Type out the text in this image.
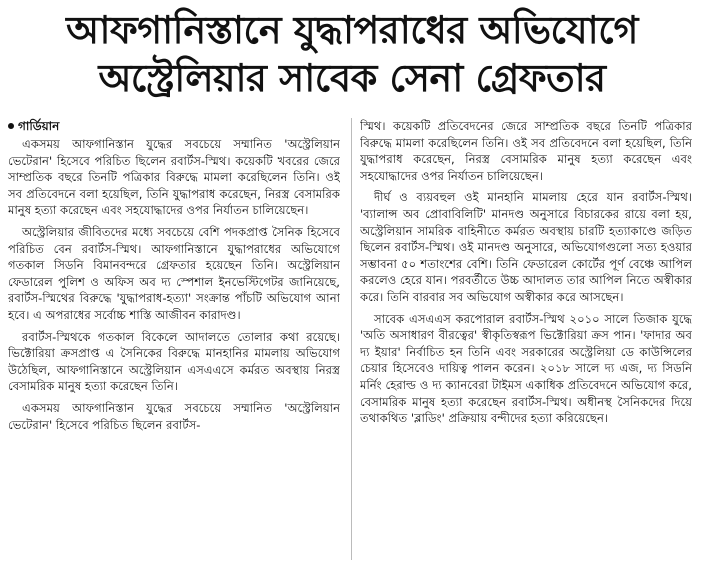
আফগানিস্তানে যুদ্ধাপরাধের অভিযোগে
অস্ট্রেলিয়ার সাবেক সেনা গ্রেফতার
গার্ডিয়ান

একসময় আফগানিস্তান যুদ্ধের সবচেয়ে সম্মানিত 'অস্ট্রেলিয়ান ভেটেরান' হিসেবে পরিচিত ছিলেন রবার্টস-স্মিথ। কয়েকটি খবরের জেরে সাম্প্রতিক বছরে তিনটি পত্রিকার বিরুদ্ধে মামলা করেছিলেন তিনি। ওই সব প্রতিবেদনে বলা হয়েছিল, তিনি যুদ্ধাপরাধ করেছেন, নিরস্ত্র বেসামরিক মানুষ হত্যা করেছেন এবং সহযোদ্ধাদের ওপর নির্যাতন চালিয়েছেন।

অস্ট্রেলিয়ার জীবিতদের মধ্যে সবচেয়ে বেশি পদকপ্রাপ্ত সৈনিক হিসেবে পরিচিত বেন রবার্টস-স্মিথ। আফগানিস্তানে যুদ্ধাপরাধের অভিযোগে গতকাল সিডনি বিমানবন্দরে গ্রেফতার হয়েছেন তিনি। অস্ট্রেলিয়ান ফেডারেল পুলিশ ও অফিস অব দ্য স্পেশাল ইনভেস্টিগেটর জানিয়েছে, রবার্টস-স্মিথের বিরুদ্ধে 'যুদ্ধাপরাধ-হত্যা' সংক্রান্ত পাঁচটি অভিযোগ আনা হবে। এ অপরাধের সর্বোচ্চ শাস্তি আজীবন কারাদণ্ড।

রবার্টস-স্মিথকে গতকাল বিকেলে আদালতে তোলার কথা রয়েছে। ভিক্টোরিয়া ক্রসপ্রাপ্ত এ সৈনিকের বিরুদ্ধে মানহানির মামলায় অভিযোগ উঠেছিল, আফগানিস্তানে অস্ট্রেলিয়ান এসএএসে কর্মরত অবস্থায় নিরস্ত্র বেসামরিক মানুষ হত্যা করেছেন তিনি।

একসময় আফগানিস্তান যুদ্ধের সবচেয়ে সম্মানিত 'অস্ট্রেলিয়ান ভেটেরান' হিসেবে পরিচিত ছিলেন রবার্টস-

স্মিথ। কয়েকটি প্রতিবেদনের জেরে সাম্প্রতিক বছরে তিনটি পত্রিকার বিরুদ্ধে মামলা করেছিলেন তিনি। ওই সব প্রতিবেদনে বলা হয়েছিল, তিনি যুদ্ধাপরাধ করেছেন, নিরস্ত্র বেসামরিক মানুষ হত্যা করেছেন এবং সহযোদ্ধাদের ওপর নির্যাতন চালিয়েছেন।

দীর্ঘ ও ব্যয়বহুল ওই মানহানি মামলায় হেরে যান রবার্টস-স্মিথ। 'ব্যালান্স অব প্রোবাবিলিটি' মানদণ্ড অনুসারে বিচারকের রায়ে বলা হয়, অস্ট্রেলিয়ান সামরিক বাহিনীতে কর্মরত অবস্থায় চারটি হত্যাকাণ্ডে জড়িত ছিলেন রবার্টস-স্মিথ। ওই মানদণ্ড অনুসারে, অভিযোগগুলো সত্য হওয়ার সম্ভাবনা ৫০ শতাংশের বেশি। তিনি ফেডারেল কোর্টের পূর্ণ বেঞ্চে আপিল করলেও হেরে যান। পরবর্তীতে উচ্চ আদালত তার আপিল নিতে অস্বীকার করে। তিনি বারবার সব অভিযোগ অস্বীকার করে আসছেন।

সাবেক এসএএস করপোরাল রবার্টস-স্মিথ ২০১০ সালে তিজাক যুদ্ধে 'অতি অসাধারণ বীরত্বের' স্বীকৃতিস্বরূপ ভিক্টোরিয়া ক্রস পান। 'ফাদার অব দ্য ইয়ার' নির্বাচিত হন তিনি এবং সরকারের অস্ট্রেলিয়া ডে কাউন্সিলের চেয়ার হিসেবেও দায়িত্ব পালন করেন। ২০১৮ সালে দ্য এজ, দ্য সিডনি মর্নিং হেরাল্ড ও দ্য ক্যানবেরা টাইমস একাধিক প্রতিবেদনে অভিযোগ করে, বেসামরিক মানুষ হত্যা করেছেন রবার্টস-স্মিথ। অধীনস্থ সৈনিকদের দিয়ে তথাকথিত 'ব্লাডিং' প্রক্রিয়ায় বন্দীদের হত্যা করিয়েছেন।
